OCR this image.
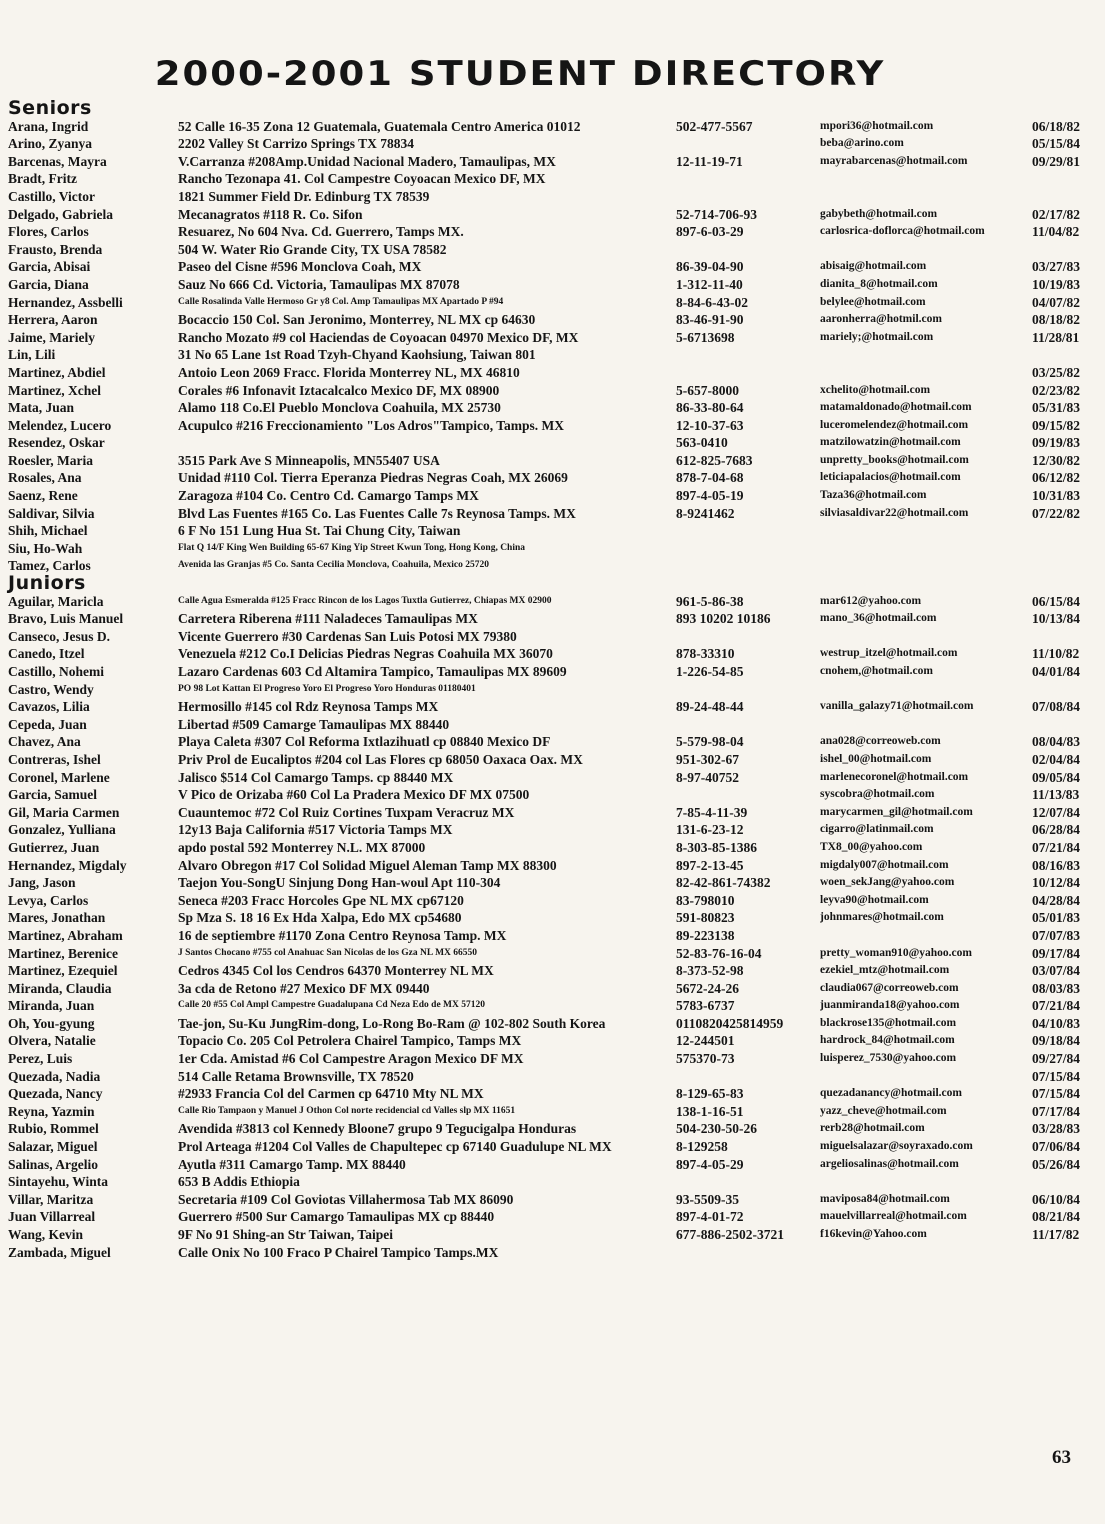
2000-2001 STUDENT DIRECTORY
Seniors
Arana, Ingrid	52 Calle 16-35 Zona 12 Guatemala, Guatemala Centro America 01012	502-477-5567	mpori36@hotmail.com	06/18/82
Arino, Zyanya	2202 Valley St Carrizo Springs TX 78834	beba@arino.com	05/15/84
Barcenas, Mayra	V.Carranza #208Amp.Unidad Nacional Madero, Tamaulipas, MX	12-11-19-71	mayrabarcenas@hotmail.com	09/29/81
Bradt, Fritz	Rancho Tezonapa 41. Col Campestre Coyoacan Mexico DF, MX
Castillo, Victor	1821 Summer Field Dr. Edinburg TX 78539
Delgado, Gabriela	Mecanagratos #118 R. Co. Sifon	52-714-706-93	gabybeth@hotmail.com	02/17/82
Flores, Carlos	Resuarez, No 604 Nva. Cd. Guerrero, Tamps MX.	897-6-03-29	carlosrica-doflorca@hotmail.com	11/04/82
Frausto, Brenda	504 W. Water Rio Grande City, TX USA 78582
Garcia, Abisai	Paseo del Cisne #596 Monclova Coah, MX	86-39-04-90	abisaig@hotmail.com	03/27/83
Garcia, Diana	Sauz No 666 Cd. Victoria, Tamaulipas MX 87078	1-312-11-40	dianita_8@hotmail.com	10/19/83
Hernandez, Assbelli	Calle Rosalinda Valle Hermoso Gr y8 Col. Amp Tamaulipas MX Apartado P #94	8-84-6-43-02	belylee@hotmail.com	04/07/82
Herrera, Aaron	Bocaccio 150 Col. San Jeronimo, Monterrey, NL MX cp 64630	83-46-91-90	aaronherra@hotmil.com	08/18/82
Jaime, Mariely	Rancho Mozato #9 col Haciendas de Coyoacan 04970 Mexico DF, MX	5-6713698	mariely;@hotmail.com	11/28/81
Lin, Lili	31 No 65 Lane 1st Road Tzyh-Chyand Kaohsiung, Taiwan 801
Martinez, Abdiel	Antoio Leon 2069 Fracc. Florida Monterrey NL, MX 46810	03/25/82
Martinez, Xchel	Corales #6 Infonavit Iztacalcalco Mexico DF, MX 08900	5-657-8000	xchelito@hotmail.com	02/23/82
Mata, Juan	Alamo 118 Co.El Pueblo Monclova Coahuila, MX 25730	86-33-80-64	matamaldonado@hotmail.com	05/31/83
Melendez, Lucero	Acupulco #216 Freccionamiento "Los Adros"Tampico, Tamps. MX	12-10-37-63	luceromelendez@hotmail.com	09/15/82
Resendez, Oskar	563-0410	matzilowatzin@hotmail.com	09/19/83
Roesler, Maria	3515 Park Ave S Minneapolis, MN55407 USA	612-825-7683	unpretty_books@hotmail.com	12/30/82
Rosales, Ana	Unidad #110 Col. Tierra Eperanza Piedras Negras Coah, MX 26069	878-7-04-68	leticiapalacios@hotmail.com	06/12/82
Saenz, Rene	Zaragoza #104 Co. Centro Cd. Camargo Tamps MX	897-4-05-19	Taza36@hotmail.com	10/31/83
Saldivar, Silvia	Blvd Las Fuentes #165 Co. Las Fuentes Calle 7s Reynosa Tamps. MX	8-9241462	silviasaldivar22@hotmail.com	07/22/82
Shih, Michael	6 F No 151 Lung Hua St. Tai Chung City, Taiwan
Siu, Ho-Wah	Flat Q 14/F King Wen Building 65-67 King Yip Street Kwun Tong, Hong Kong, China
Tamez, Carlos	Avenida las Granjas #5 Co. Santa Cecilia Monclova, Coahuila, Mexico 25720
Juniors
Aguilar, Maricla	Calle Agua Esmeralda #125 Fracc Rincon de los Lagos Tuxtla Gutierrez, Chiapas MX 02900	961-5-86-38	mar612@yahoo.com	06/15/84
Bravo, Luis Manuel	Carretera Riberena #111 Naladeces Tamaulipas MX	893 10202 10186	mano_36@hotmail.com	10/13/84
Canseco, Jesus D.	Vicente Guerrero #30 Cardenas San Luis Potosi MX 79380
Canedo, Itzel	Venezuela #212 Co.I Delicias Piedras Negras Coahuila MX 36070	878-33310	westrup_itzel@hotmail.com	11/10/82
Castillo, Nohemi	Lazaro Cardenas 603 Cd Altamira Tampico, Tamaulipas MX 89609	1-226-54-85	cnohem,@hotmail.com	04/01/84
Castro, Wendy	PO 98 Lot Kattan El Progreso Yoro El Progreso Yoro Honduras 01180401
Cavazos, Lilia	Hermosillo #145 col Rdz Reynosa Tamps MX	89-24-48-44	vanilla_galazy71@hotmail.com	07/08/84
Cepeda, Juan	Libertad #509 Camarge Tamaulipas MX 88440
Chavez, Ana	Playa Caleta #307 Col Reforma Ixtlazihuatl cp 08840 Mexico DF	5-579-98-04	ana028@correoweb.com	08/04/83
Contreras, Ishel	Priv Prol de Eucaliptos #204 col Las Flores cp 68050 Oaxaca Oax. MX	951-302-67	ishel_00@hotmail.com	02/04/84
Coronel, Marlene	Jalisco $514 Col Camargo Tamps. cp 88440 MX	8-97-40752	marlenecoronel@hotmail.com	09/05/84
Garcia, Samuel	V Pico de Orizaba #60 Col La Pradera Mexico DF MX 07500	syscobra@hotmail.com	11/13/83
Gil, Maria Carmen	Cuauntemoc #72 Col Ruiz Cortines Tuxpam Veracruz MX	7-85-4-11-39	marycarmen_gil@hotmail.com	12/07/84
Gonzalez, Yulliana	12y13 Baja California #517 Victoria Tamps MX	131-6-23-12	cigarro@latinmail.com	06/28/84
Gutierrez, Juan	apdo postal 592 Monterrey N.L. MX 87000	8-303-85-1386	TX8_00@yahoo.com	07/21/84
Hernandez, Migdaly	Alvaro Obregon #17 Col Solidad Miguel Aleman Tamp MX 88300	897-2-13-45	migdaly007@hotmail.com	08/16/83
Jang, Jason	Taejon You-SongU Sinjung Dong Han-woul Apt 110-304	82-42-861-74382	woen_sekJang@yahoo.com	10/12/84
Levya, Carlos	Seneca #203 Fracc Horcoles Gpe NL MX cp67120	83-798010	leyva90@hotmail.com	04/28/84
Mares, Jonathan	Sp Mza S. 18 16 Ex Hda Xalpa, Edo MX cp54680	591-80823	johnmares@hotmail.com	05/01/83
Martinez, Abraham	16 de septiembre #1170 Zona Centro Reynosa Tamp. MX	89-223138	07/07/83
Martinez, Berenice	J Santos Chocano #755 col Anahuac San Nicolas de los Gza NL MX 66550	52-83-76-16-04	pretty_woman910@yahoo.com	09/17/84
Martinez, Ezequiel	Cedros 4345 Col los Cendros 64370 Monterrey NL MX	8-373-52-98	ezekiel_mtz@hotmail.com	03/07/84
Miranda, Claudia	3a cda de Retono #27 Mexico DF MX 09440	5672-24-26	claudia067@correoweb.com	08/03/83
Miranda, Juan	Calle 20 #55 Col Ampl Campestre Guadalupana Cd Neza Edo de MX 57120	5783-6737	juanmiranda18@yahoo.com	07/21/84
Oh, You-gyung	Tae-jon, Su-Ku JungRim-dong, Lo-Rong Bo-Ram @ 102-802 South Korea	0110820425814959	blackrose135@hotmail.com	04/10/83
Olvera, Natalie	Topacio Co. 205 Col Petrolera Chairel Tampico, Tamps MX	12-244501	hardrock_84@hotmail.com	09/18/84
Perez, Luis	1er Cda. Amistad #6 Col Campestre Aragon Mexico DF MX	575370-73	luisperez_7530@yahoo.com	09/27/84
Quezada, Nadia	514 Calle Retama Brownsville, TX 78520	07/15/84
Quezada, Nancy	#2933 Francia Col del Carmen cp 64710 Mty NL MX	8-129-65-83	quezadanancy@hotmail.com	07/15/84
Reyna, Yazmin	Calle Rio Tampaon y Manuel J Othon Col norte recidencial cd Valles slp MX 11651	138-1-16-51	yazz_cheve@hotmail.com	07/17/84
Rubio, Rommel	Avendida #3813 col Kennedy Bloone7 grupo 9 Tegucigalpa Honduras	504-230-50-26	rerb28@hotmail.com	03/28/83
Salazar, Miguel	Prol Arteaga #1204 Col Valles de Chapultepec cp 67140 Guadulupe NL MX	8-129258	miguelsalazar@soyraxado.com	07/06/84
Salinas, Argelio	Ayutla #311 Camargo Tamp. MX 88440	897-4-05-29	argeliosalinas@hotmail.com	05/26/84
Sintayehu, Winta	653 B Addis Ethiopia
Villar, Maritza	Secretaria #109 Col Goviotas Villahermosa Tab MX 86090	93-5509-35	maviposa84@hotmail.com	06/10/84
Juan Villarreal	Guerrero #500 Sur Camargo Tamaulipas MX cp 88440	897-4-01-72	mauelvillarreal@hotmail.com	08/21/84
Wang, Kevin	9F No 91 Shing-an Str Taiwan, Taipei	677-886-2502-3721	f16kevin@Yahoo.com	11/17/82
Zambada, Miguel	Calle Onix No 100 Fraco P Chairel Tampico Tamps.MX
63
